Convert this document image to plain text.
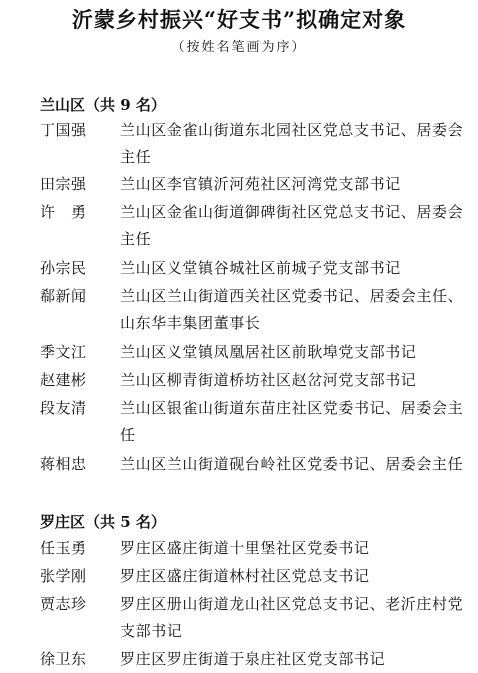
沂蒙乡村振兴“好支书”拟确定对象
（按姓名笔画为序）
兰山区（共 9 名）
丁国强	兰山区金雀山街道东北园社区党总支书记、居委会主任
田宗强	兰山区李官镇沂河苑社区河湾党支部书记
许　勇	兰山区金雀山街道御碑街社区党总支书记、居委会主任
孙宗民	兰山区义堂镇谷城社区前城子党支部书记
郗新闻	兰山区兰山街道西关社区党委书记、居委会主任、山东华丰集团董事长
季文江	兰山区义堂镇凤凰居社区前耿埠党支部书记
赵建彬	兰山区柳青街道桥坊社区赵岔河党支部书记
段友清	兰山区银雀山街道东苗庄社区党委书记、居委会主任
蒋相忠	兰山区兰山街道砚台岭社区党委书记、居委会主任
罗庄区（共 5 名）
任玉勇	罗庄区盛庄街道十里堡社区党委书记
张学刚	罗庄区盛庄街道林村社区党总支书记
贾志珍	罗庄区册山街道龙山社区党总支书记、老沂庄村党支部书记
徐卫东	罗庄区罗庄街道于泉庄社区党支部书记
